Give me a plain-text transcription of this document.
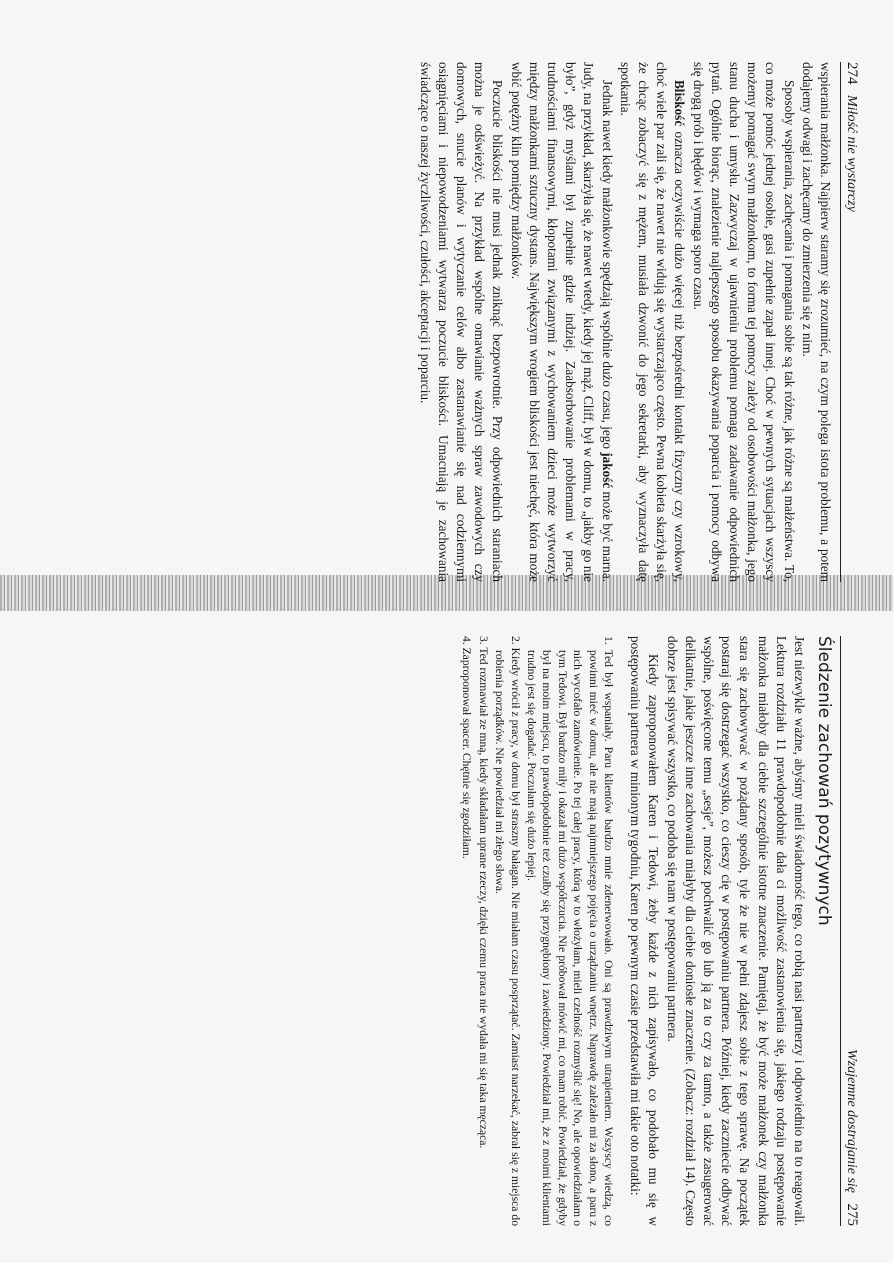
274   Miłość nie wystarczy

wspierania małżonka. Najpierw staramy się zrozumieć, na czym polega istota problemu, a potem dodajemy odwagi i zachęcamy do zmierzenia się z nim.

Sposoby wspierania, zachęcania i pomagania sobie są tak różne, jak różne są małżeństwa. To, co może pomóc jednej osobie, gasi zupełnie zapał innej. Choć w pewnych sytuacjach wszyscy możemy pomagać swym małżonkom, to forma tej pomocy zależy od osobowości małżonka, jego stanu ducha i umysłu. Zazwyczaj w ujawnieniu problemu pomaga zadawanie odpowiednich pytań. Ogólnie biorąc, znalezienie najlepszego sposobu okazywania poparcia i pomocy odbywa się drogą prób i błędów i wymaga sporo czasu.

Bliskość oznacza oczywiście dużo więcej niż bezpośredni kontakt fizyczny czy wzrokowy, choć wiele par zali się, że nawet nie widują się wystarczająco często. Pewna kobieta skarżyła się, że chcąc zobaczyć się z mężem, musiała dzwonić do jego sekretarki, aby wyznaczyła datę spotkania.

Jednak nawet kiedy małżonkowie spędzają wspólnie dużo czasu, jego jakość może być marna. Judy, na przykład, skarżyła się, że nawet wtedy, kiedy jej mąż, Cliff, był w domu, to „jakby go nie było”, gdyż myślami był zupełnie gdzie indziej. Zaabsorbowanie problemami w pracy, trudnościami finansowymi, kłopotami związanymi z wychowaniem dzieci może wytworzyć między małżonkami sztuczny dystans. Największym wrogiem bliskości jest niechęć, która może wbić potężny klin pomiędzy małżonków.

Poczucie bliskości nie musi jednak zniknąć bezpowrotnie. Przy odpowiednich staraniach można je odświeżyć. Na przykład wspólne omawianie ważnych spraw zawodowych czy domowych, snucie planów i wytyczanie celów albo zastanawianie się nad codziennymi osiągnięciami i niepowodzeniami wytwarza poczucie bliskości. Umacniają je zachowania świadczące o naszej życzliwości, czułości, akceptacji i poparciu.

Wzajemne dostrajanie się   275
Śledzenie zachowań pozytywnych

Jest niezwykle ważne, abyśmy mieli świadomość tego, co robią nasi partnerzy i odpowiednio na to reagowali. Lektura rozdziału 11 prawdopodobnie dała ci możliwość zastanowienia się, jakiego rodzaju postępowanie małżonka miałoby dla ciebie szczególnie istotne znaczenie. Pamiętaj, że być może małżonek czy małżonka stara się zachowywać w pożądany sposób, tyle że nie w pełni zdajesz sobie z tego sprawę. Na początek postaraj się dostrzegać wszystko, co cieszy cię w postępowaniu partnera. Później, kiedy zaczniecie odbywać wspólne, poświęcone temu „sesje”, możesz pochwalić go lub ją za to czy za tamto, a także zasugerować delikatnie, jakie jeszcze inne zachowania miałyby dla ciebie doniosłe znaczenie. (Zobacz: rozdział 14). Często dobrze jest spisywać wszystko, co podoba się nam w postępowaniu partnera.

Kiedy zaproponowałem Karen i Tedowi, żeby każde z nich zapisywało, co podobało mu się w postępowaniu partnera w minionym tygodniu, Karen po pewnym czasie przedstawiła mi takie oto notatki:

1. Ted był wspaniały. Paru klientów bardzo mnie zdenerwowało. Oni są prawdziwym utrapieniem. Wszyscy wiedzą, co powinni mieć w domu, ale nie mają najmniejszego pojęcia o urządzaniu wnętrz. Naprawdę zależało mi za słono, a paru z nich wycofało zamówienie. Po tej całej pracy, którą w to włożyłam, mieli czelność rozmyślić się! No, ale opowiedziałam o tym Tedowi. Był bardzo miły i okazał mi dużo współczucia. Nie próbował mówić mi, co mam robić. Powiedział, że gdyby był na moim miejscu, to prawdopodobnie też czułby się przygnębiony i zawiedziony. Powiedział mi, że z moimi klientami trudno jest się dogadać. Poczułam się dużo lepiej.

2. Kiedy wrócił z pracy, w domu był straszny bałagan. Nie miałam czasu posprzątać. Zamiast narzekać, zabrał się z miejsca do robienia porządków. Nie powiedział mi złego słowa.

3. Ted rozmawiał ze mną, kiedy składałam uprane rzeczy, dzięki czemu praca nie wydała mi się taka męcząca.

4. Zaproponował spacer. Chętnie się zgodziłam.
